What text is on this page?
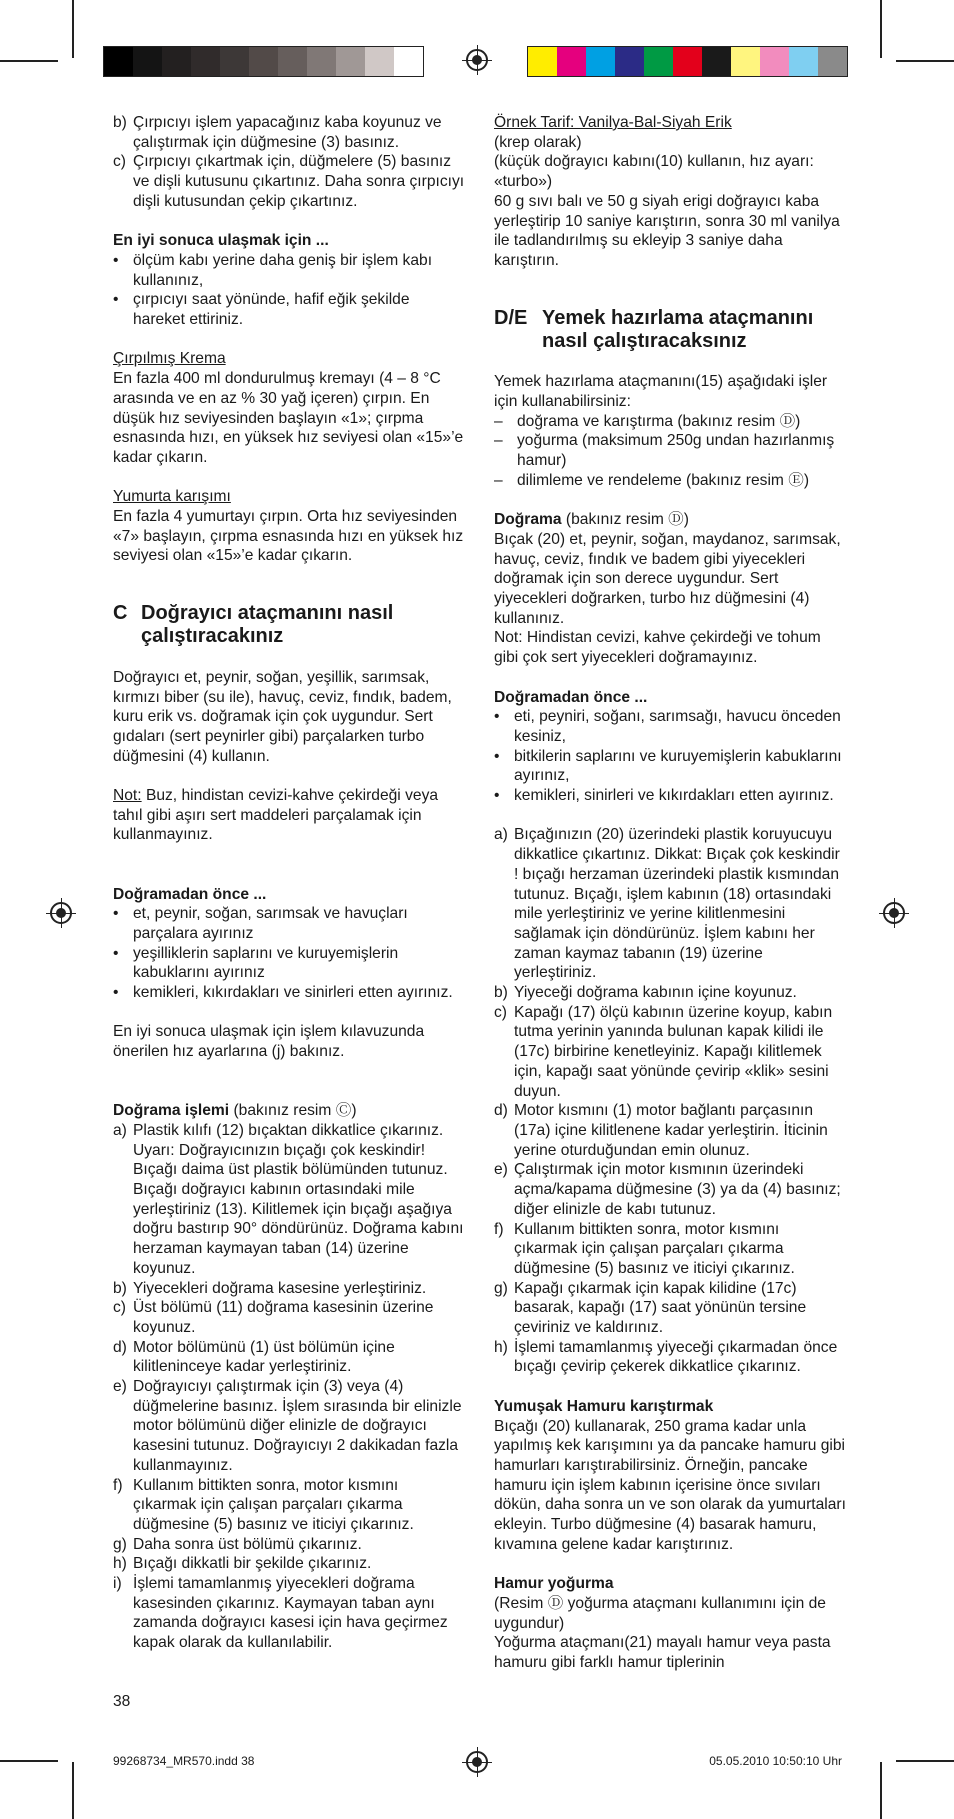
b) Çırpıcıyı işlem yapacağınız kaba koyunuz ve çalıştırmak için düğmesine (3) basınız.
c) Çırpıcıyı çıkartmak için, düğmelere (5) basınız ve dişli kutusunu çıkartınız. Daha sonra çırpıcıyı dişli kutusundan çekip çıkartınız.

En iyi sonuca ulaşmak için ...

• ölçüm kabı yerine daha geniş bir işlem kabı kullanınız,
• çırpıcıyı saat yönünde, hafif eğik şekilde hareket ettiriniz.

Çırpılmış Krema

En fazla 400 ml dondurulmuş kremayı (4 – 8 °C arasında ve en az % 30 yağ içeren) çırpın. En düşük hız seviyesinden başlayın «1»; çırpma esnasında hızı, en yüksek hız seviyesi olan «15»’e kadar çıkarın.

Yumurta karışımı

En fazla 4 yumurtayı çırpın. Orta hız seviyesinden «7» başlayın, çırpma esnasında hızı en yüksek hız seviyesi olan «15»’e kadar çıkarın.

C Doğrayıcı ataçmanını nasıl çalıştıracakınız

Doğrayıcı et, peynir, soğan, yeşillik, sarımsak, kırmızı biber (su ile), havuç, ceviz, fındık, badem, kuru erik vs. doğramak için çok uygundur. Sert gıdaları (sert peynirler gibi) parçalarken turbo düğmesini (4) kullanın.

Not: Buz, hindistan cevizi-kahve çekirdeği veya tahıl gibi aşırı sert maddeleri parçalamak için kullanmayınız.

Doğramadan önce ...

• et, peynir, soğan, sarımsak ve havuçları parçalara ayırınız
• yeşilliklerin saplarını ve kuruyemişlerin kabuklarını ayırınız
• kemikleri, kıkırdakları ve sinirleri etten ayırınız.

En iyi sonuca ulaşmak için işlem kılavuzunda önerilen hız ayarlarına (j) bakınız.

Doğrama işlemi (bakınız resim Ⓒ)

a) Plastik kılıfı (12) bıçaktan dikkatlice çıkarınız. Uyarı: Doğrayıcınızın bıçağı çok keskindir! Bıçağı daima üst plastik bölümünden tutunuz. Bıçağı doğrayıcı kabının ortasındaki mile yerleştiriniz (13). Kilitlemek için bıçağı aşağıya doğru bastırıp 90° döndürünüz. Doğrama kabını herzaman kaymayan taban (14) üzerine koyunuz.
b) Yiyecekleri doğrama kasesine yerleştiriniz.
c) Üst bölümü (11) doğrama kasesinin üzerine koyunuz.
d) Motor bölümünü (1) üst bölümün içine kilitleninceye kadar yerleştiriniz.
e) Doğrayıcıyı çalıştırmak için (3) veya (4) düğmelerine basınız. İşlem sırasında bir elinizle motor bölümünü diğer elinizle de doğrayıcı kasesini tutunuz. Doğrayıcıyı 2 dakikadan fazla kullanmayınız.
f) Kullanım bittikten sonra, motor kısmını çıkarmak için çalışan parçaları çıkarma düğmesine (5) basınız ve iticiyi çıkarınız.
g) Daha sonra üst bölümü çıkarınız.
h) Bıçağı dikkatli bir şekilde çıkarınız.
i) İşlemi tamamlanmış yiyecekleri doğrama kasesinden çıkarınız. Kaymayan taban aynı zamanda doğrayıcı kasesi için hava geçirmez kapak olarak da kullanılabilir.
38

Örnek Tarif: Vanilya-Bal-Siyah Erik

(krep olarak)

(küçük doğrayıcı kabını(10) kullanın, hız ayarı: «turbo»)

60 g sıvı balı ve 50 g siyah erigi doğrayıcı kaba yerleştirip 10 saniye karıştırın, sonra 30 ml vanilya ile tadlandırılmış su ekleyip 3 saniye daha karıştırın.

D/E Yemek hazırlama ataçmanını nasıl çalıştıracaksınız

Yemek hazırlama ataçmanını(15) aşağıdaki işler için kullanabilirsiniz:

– doğrama ve karıştırma (bakınız resim Ⓓ)
– yoğurma (maksimum 250g undan hazırlanmış hamur)
– dilimleme ve rendeleme (bakınız resim Ⓔ)

Doğrama (bakınız resim Ⓓ)

Bıçak (20) et, peynir, soğan, maydanoz, sarımsak, havuç, ceviz, fındık ve badem gibi yiyecekleri doğramak için son derece uygundur. Sert yiyecekleri doğrarken, turbo hız düğmesini (4) kullanınız.

Not: Hindistan cevizi, kahve çekirdeği ve tohum gibi çok sert yiyecekleri doğramayınız.

Doğramadan önce ...

• eti, peyniri, soğanı, sarımsağı, havucu önceden kesiniz,
• bitkilerin saplarını ve kuruyemişlerin kabuklarını ayırınız,
• kemikleri, sinirleri ve kıkırdakları etten ayırınız.
a) Bıçağınızın (20) üzerindeki plastik koruyucuyu dikkatlice çıkartınız. Dikkat: Bıçak çok keskindir ! bıçağı herzaman üzerindeki plastik kısmından tutunuz. Bıçağı, işlem kabının (18) ortasındaki mile yerleştiriniz ve yerine kilitlenmesini sağlamak için döndürünüz. İşlem kabını her zaman kaymaz tabanın (19) üzerine yerleştiriniz.
b) Yiyeceği doğrama kabının içine koyunuz.
c) Kapağı (17) ölçü kabının üzerine koyup, kabın tutma yerinin yanında bulunan kapak kilidi ile (17c) birbirine kenetleyiniz. Kapağı kilitlemek için, kapağı saat yönünde çevirip «klik» sesini duyun.
d) Motor kısmını (1) motor bağlantı parçasının (17a) içine kilitlenene kadar yerleştirin. İticinin yerine oturduğundan emin olunuz.
e) Çalıştırmak için motor kısmının üzerindeki açma/kapama düğmesine (3) ya da (4) basınız; diğer elinizle de kabı tutunuz.
f) Kullanım bittikten sonra, motor kısmını çıkarmak için çalışan parçaları çıkarma düğmesine (5) basınız ve iticiyi çıkarınız.
g) Kapağı çıkarmak için kapak kilidine (17c) basarak, kapağı (17) saat yönünün tersine çeviriniz ve kaldırınız.
h) İşlemi tamamlanmış yiyeceği çıkarmadan önce bıçağı çevirip çekerek dikkatlice çıkarınız.

Yumuşak Hamuru karıştırmak

Bıçağı (20) kullanarak, 250 grama kadar unla yapılmış kek karışımını ya da pancake hamuru gibi hamurları karıştırabilirsiniz. Örneğin, pancake hamuru için işlem kabının içerisine önce sıvıları dökün, daha sonra un ve son olarak da yumurtaları ekleyin. Turbo düğmesine (4) basarak hamuru, kıvamına gelene kadar karıştırınız.

Hamur yoğurma

(Resim Ⓓ yoğurma ataçmanı kullanımını için de uygundur)

Yoğurma ataçmanı(21) mayalı hamur veya pasta hamuru gibi farklı hamur tiplerinin

99268734_MR570.indd 38	05.05.2010 10:50:10 Uhr
